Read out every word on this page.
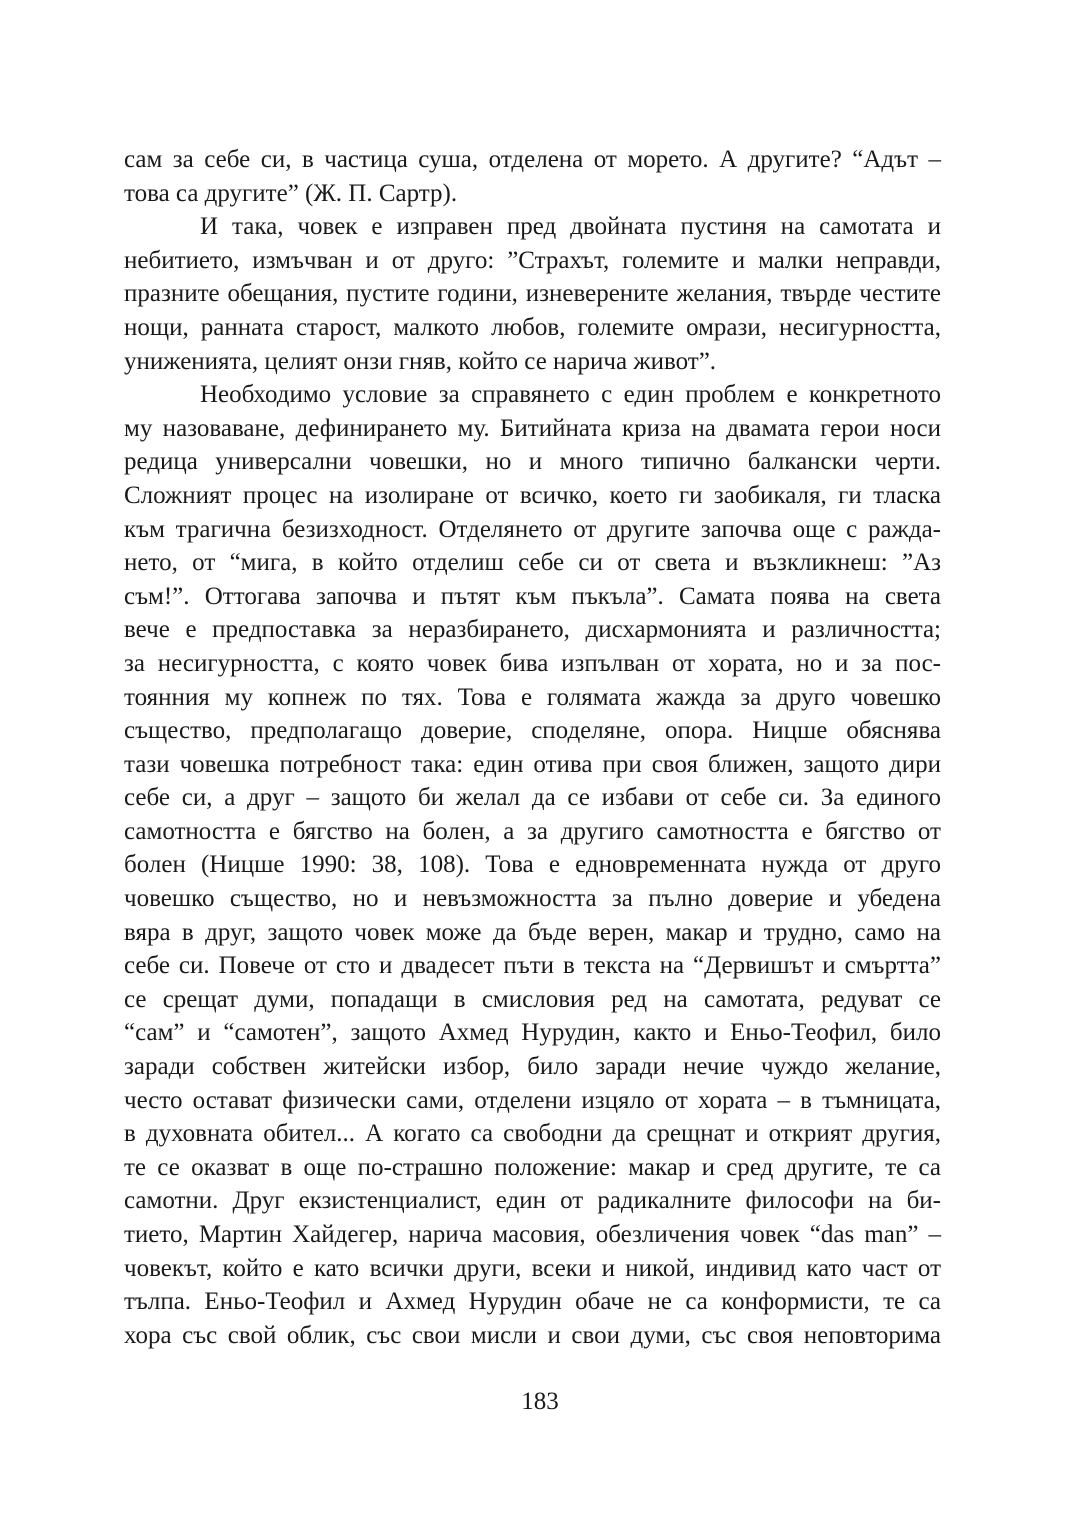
сам за себе си, в частица суша, отделена от морето. А другите? “Адът –
това са другите” (Ж. П. Сартр).
И така, човек е изправен пред двойната пустиня на самотата и
небитието, измъчван и от друго: ”Страхът, големите и малки неправди,
празните обещания, пустите години, изневерените желания, твърде честите
нощи, ранната старост, малкото любов, големите омрази, несигурността,
униженията, целият онзи гняв, който се нарича живот”.
Необходимо условие за справянето с един проблем е конкретното
му назоваване, дефинирането му. Битийната криза на двамата герои носи
редица универсални човешки, но и много типично балкански черти.
Сложният процес на изолиране от всичко, което ги заобикаля, ги тласка
към трагична безизходност. Отделянето от другите започва още с ражда-
нето, от “мига, в който отделиш себе си от света и възкликнеш: ”Аз
съм!”. Оттогава започва и пътят към пъкъла”. Самата поява на света
вече е предпоставка за неразбирането, дисхармонията и различността;
за несигурността, с която човек бива изпълван от хората, но и за пос-
тоянния му копнеж по тях. Това е голямата жажда за друго човешко
същество, предполагащо доверие, споделяне, опора. Ницше обяснява
тази човешка потребност така: един отива при своя ближен, защото дири
себе си, а друг – защото би желал да се избави от себе си. За единого
самотността е бягство на болен, а за другиго самотността е бягство от
болен (Ницше 1990: 38, 108). Това е едновременната нужда от друго
човешко същество, но и невъзможността за пълно доверие и убедена
вяра в друг, защото човек може да бъде верен, макар и трудно, само на
себе си. Повече от сто и двадесет пъти в текста на “Дервишът и смъртта”
се срещат думи, попадащи в смисловия ред на самотата, редуват се
“сам” и “самотен”, защото Ахмед Нурудин, както и Еньо-Теофил, било
заради собствен житейски избор, било заради нечие чуждо желание,
често остават физически сами, отделени изцяло от хората – в тъмницата,
в духовната обител... А когато са свободни да срещнат и открият другия,
те се оказват в още по-страшно положение: макар и сред другите, те са
самотни. Друг екзистенциалист, един от радикалните философи на би-
тието, Мартин Хайдегер, нарича масовия, обезличения човек “das man” –
човекът, който е като всички други, всеки и никой, индивид като част от
тълпа. Еньо-Теофил и Ахмед Нурудин обаче не са конформисти, те са
хора със свой облик, със свои мисли и свои думи, със своя неповторима
183
